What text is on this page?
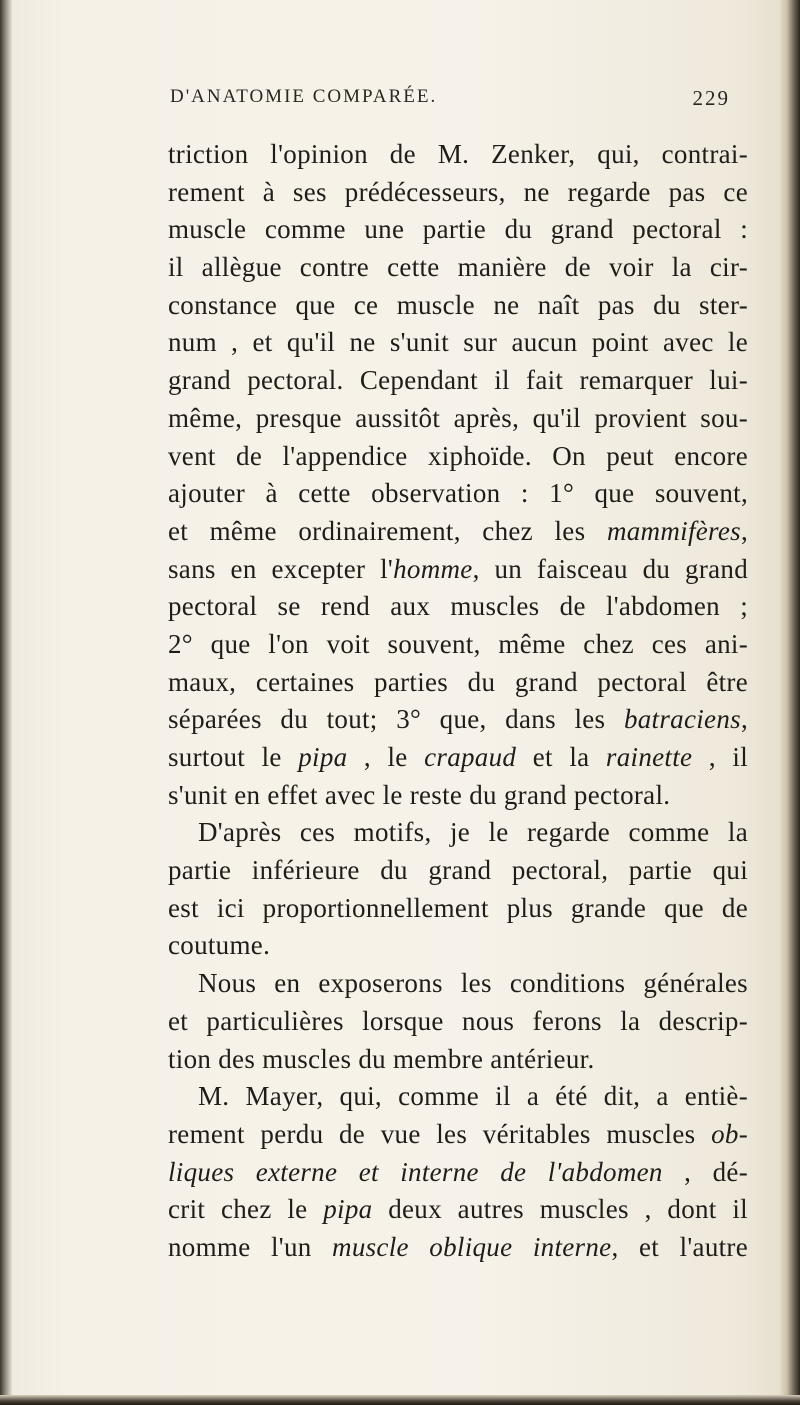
D'ANATOMIE COMPARÉE.	229
triction l'opinion de M. Zenker, qui, contrai-
rement à ses prédécesseurs, ne regarde pas ce
muscle comme une partie du grand pectoral :
il allègue contre cette manière de voir la cir-
constance que ce muscle ne naît pas du ster-
num , et qu'il ne s'unit sur aucun point avec le
grand pectoral. Cependant il fait remarquer lui-
même, presque aussitôt après, qu'il provient sou-
vent de l'appendice xiphoïde. On peut encore
ajouter à cette observation : 1° que souvent,
et même ordinairement, chez les mammifères,
sans en excepter l'homme, un faisceau du grand
pectoral se rend aux muscles de l'abdomen ;
2° que l'on voit souvent, même chez ces ani-
maux, certaines parties du grand pectoral être
séparées du tout; 3° que, dans les batraciens,
surtout le pipa , le crapaud et la rainette , il
s'unit en effet avec le reste du grand pectoral.
D'après ces motifs, je le regarde comme la
partie inférieure du grand pectoral, partie qui
est ici proportionnellement plus grande que de
coutume.
Nous en exposerons les conditions générales
et particulières lorsque nous ferons la descrip-
tion des muscles du membre antérieur.
M. Mayer, qui, comme il a été dit, a entiè-
rement perdu de vue les véritables muscles ob-
liques externe et interne de l'abdomen , dé-
crit chez le pipa deux autres muscles , dont il
nomme l'un muscle oblique interne, et l'autre
